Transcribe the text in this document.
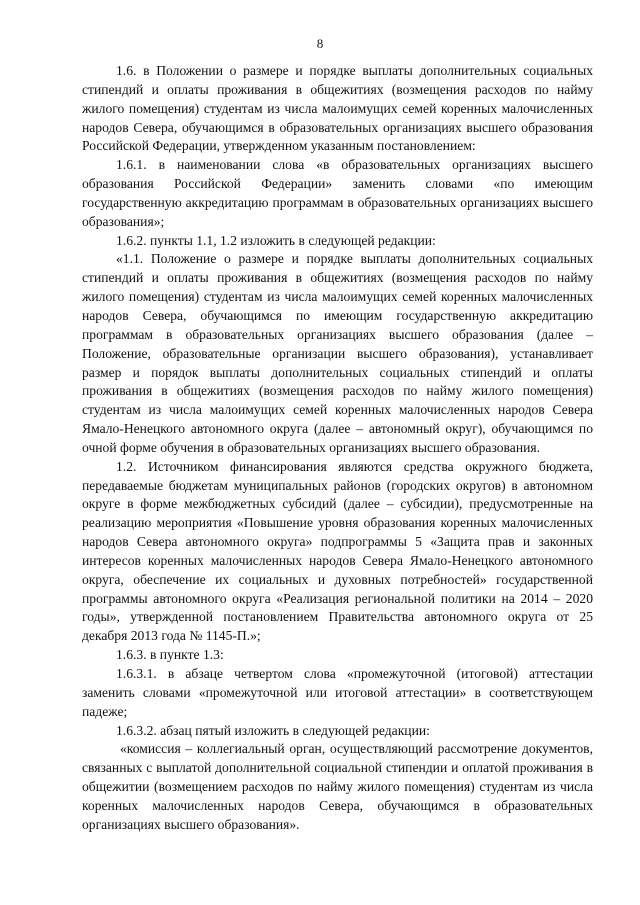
8

1.6. в Положении о размере и порядке выплаты дополнительных социальных стипендий и оплаты проживания в общежитиях (возмещения расходов по найму жилого помещения) студентам из числа малоимущих семей коренных малочисленных народов Севера, обучающимся в образовательных организациях высшего образования Российской Федерации, утвержденном указанным постановлением:

1.6.1. в наименовании слова «в образовательных организациях высшего образования Российской Федерации» заменить словами «по имеющим государственную аккредитацию программам в образовательных организациях высшего образования»;

1.6.2. пункты 1.1, 1.2 изложить в следующей редакции:

«1.1. Положение о размере и порядке выплаты дополнительных социальных стипендий и оплаты проживания в общежитиях (возмещения расходов по найму жилого помещения) студентам из числа малоимущих семей коренных малочисленных народов Севера, обучающимся по имеющим государственную аккредитацию программам в образовательных организациях высшего образования (далее – Положение, образовательные организации высшего образования), устанавливает размер и порядок выплаты дополнительных социальных стипендий и оплаты проживания в общежитиях (возмещения расходов по найму жилого помещения) студентам из числа малоимущих семей коренных малочисленных народов Севера Ямало-Ненецкого автономного округа (далее – автономный округ), обучающимся по очной форме обучения в образовательных организациях высшего образования.

1.2. Источником финансирования являются средства окружного бюджета, передаваемые бюджетам муниципальных районов (городских округов) в автономном округе в форме межбюджетных субсидий (далее – субсидии), предусмотренные на реализацию мероприятия «Повышение уровня образования коренных малочисленных народов Севера автономного округа» подпрограммы 5 «Защита прав и законных интересов коренных малочисленных народов Севера Ямало-Ненецкого автономного округа, обеспечение их социальных и духовных потребностей» государственной программы автономного округа «Реализация региональной политики на 2014 – 2020 годы», утвержденной постановлением Правительства автономного округа от 25 декабря 2013 года № 1145-П.»;

1.6.3. в пункте 1.3:

1.6.3.1. в абзаце четвертом слова «промежуточной (итоговой) аттестации заменить словами «промежуточной или итоговой аттестации» в соответствующем падеже;

1.6.3.2. абзац пятый изложить в следующей редакции:

«комиссия – коллегиальный орган, осуществляющий рассмотрение документов, связанных с выплатой дополнительной социальной стипендии и оплатой проживания в общежитии (возмещением расходов по найму жилого помещения) студентам из числа коренных малочисленных народов Севера, обучающимся в образовательных организациях высшего образования».
